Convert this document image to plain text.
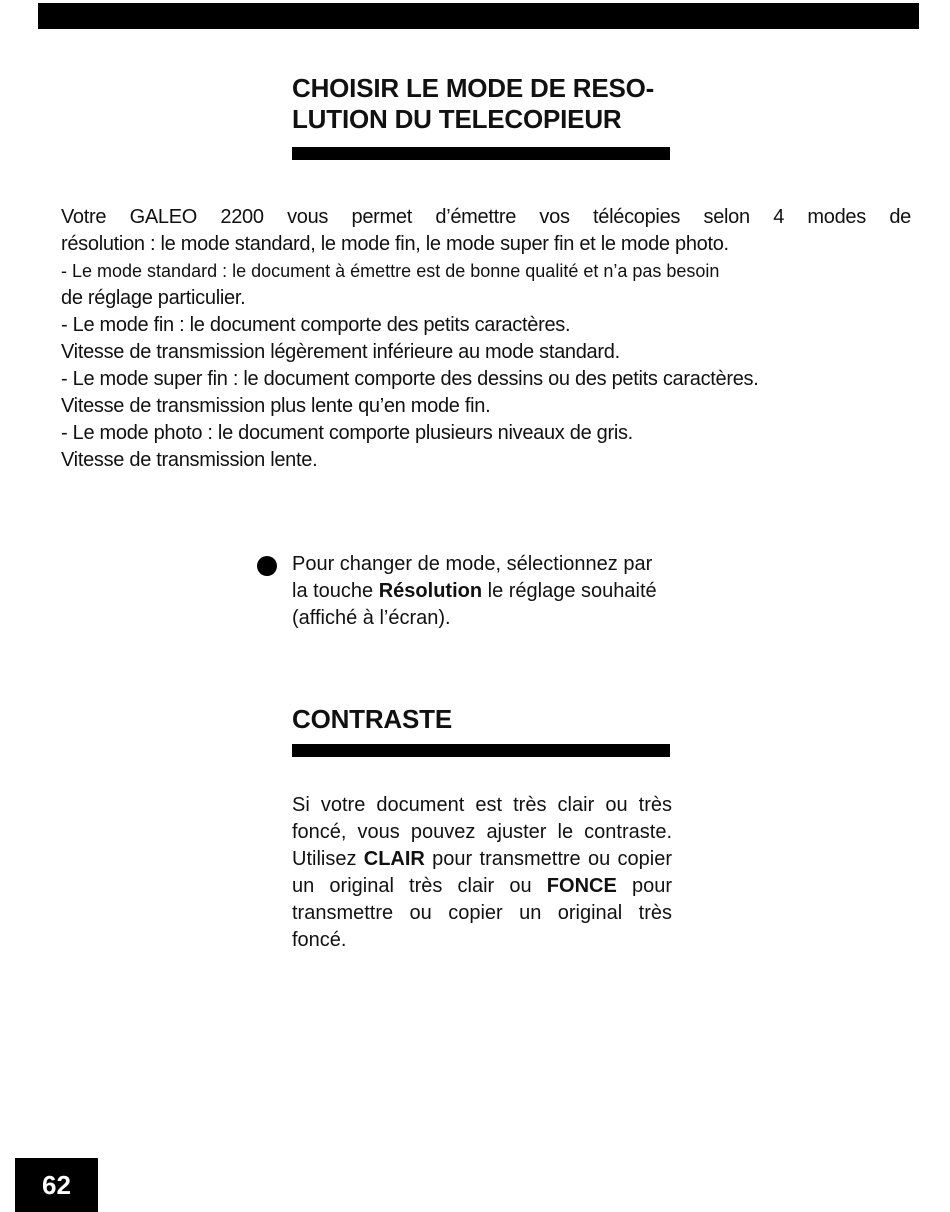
CHOISIR LE MODE DE RESO-
LUTION DU TELECOPIEUR

Votre GALEO 2200 vous permet d’émettre vos télécopies selon 4 modes de

résolution : le mode standard, le mode fin, le mode super fin et le mode photo.

- Le mode standard : le document à émettre est de bonne qualité et n’a pas besoin

de réglage particulier.

- Le mode fin : le document comporte des petits caractères.

Vitesse de transmission légèrement inférieure au mode standard.

- Le mode super fin : le document comporte des dessins ou des petits caractères.

Vitesse de transmission plus lente qu’en mode fin.

- Le mode photo : le document comporte plusieurs niveaux de gris.

Vitesse de transmission lente.

Pour changer de mode, sélectionnez par la touche Résolution le réglage souhaité (affiché à l’écran).

CONTRASTE

Si votre document est très clair ou très foncé, vous pouvez ajuster le contraste. Utilisez CLAIR pour transmettre ou copier un original très clair ou FONCE pour transmettre ou copier un original très foncé.

62
